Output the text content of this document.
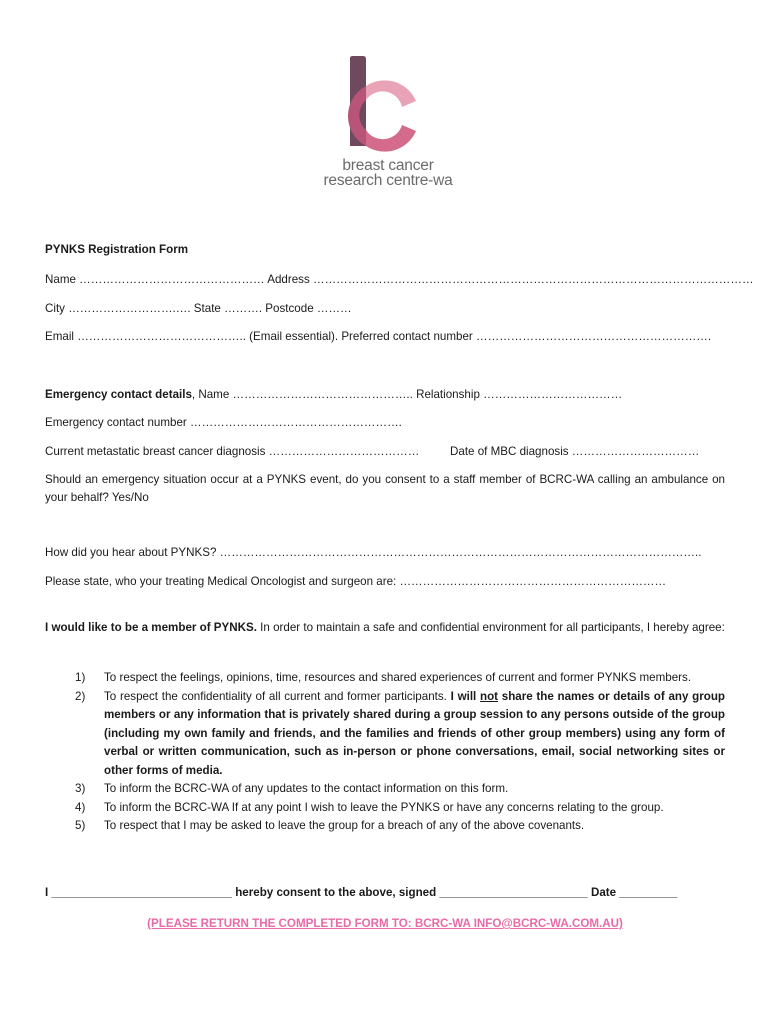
breast cancer
research centre-wa
PYNKS Registration Form
Name ………………………………………… Address ……………………………………………………………………………………………………
City ……………………….…. State ………. Postcode ………
Email …………………………………….. (Email essential). Preferred contact number …………………………………………………….
Emergency contact details, Name ……………………………………….. Relationship ………………………………
Emergency contact number ……………………………………………….
Current metastatic breast cancer diagnosis …………………………………	Date of MBC diagnosis ……………………………
Should an emergency situation occur at a PYNKS event, do you consent to a staff member of BCRC-WA calling an ambulance on your behalf? Yes/No
How did you hear about PYNKS? ……………………………………………………………………………………………………………..
Please state, who your treating Medical Oncologist and surgeon are: ……………………………………………………………
I would like to be a member of PYNKS. In order to maintain a safe and confidential environment for all participants, I hereby agree:
1) To respect the feelings, opinions, time, resources and shared experiences of current and former PYNKS members.
2) To respect the confidentiality of all current and former participants. I will not share the names or details of any group members or any information that is privately shared during a group session to any persons outside of the group (including my own family and friends, and the families and friends of other group members) using any form of verbal or written communication, such as in-person or phone conversations, email, social networking sites or other forms of media.
3) To inform the BCRC-WA of any updates to the contact information on this form.
4) To inform the BCRC-WA If at any point I wish to leave the PYNKS or have any concerns relating to the group.
5) To respect that I may be asked to leave the group for a breach of any of the above covenants.
I ____________________________ hereby consent to the above, signed _______________________ Date _________
(PLEASE RETURN THE COMPLETED FORM TO: BCRC-WA INFO@BCRC-WA.COM.AU)
